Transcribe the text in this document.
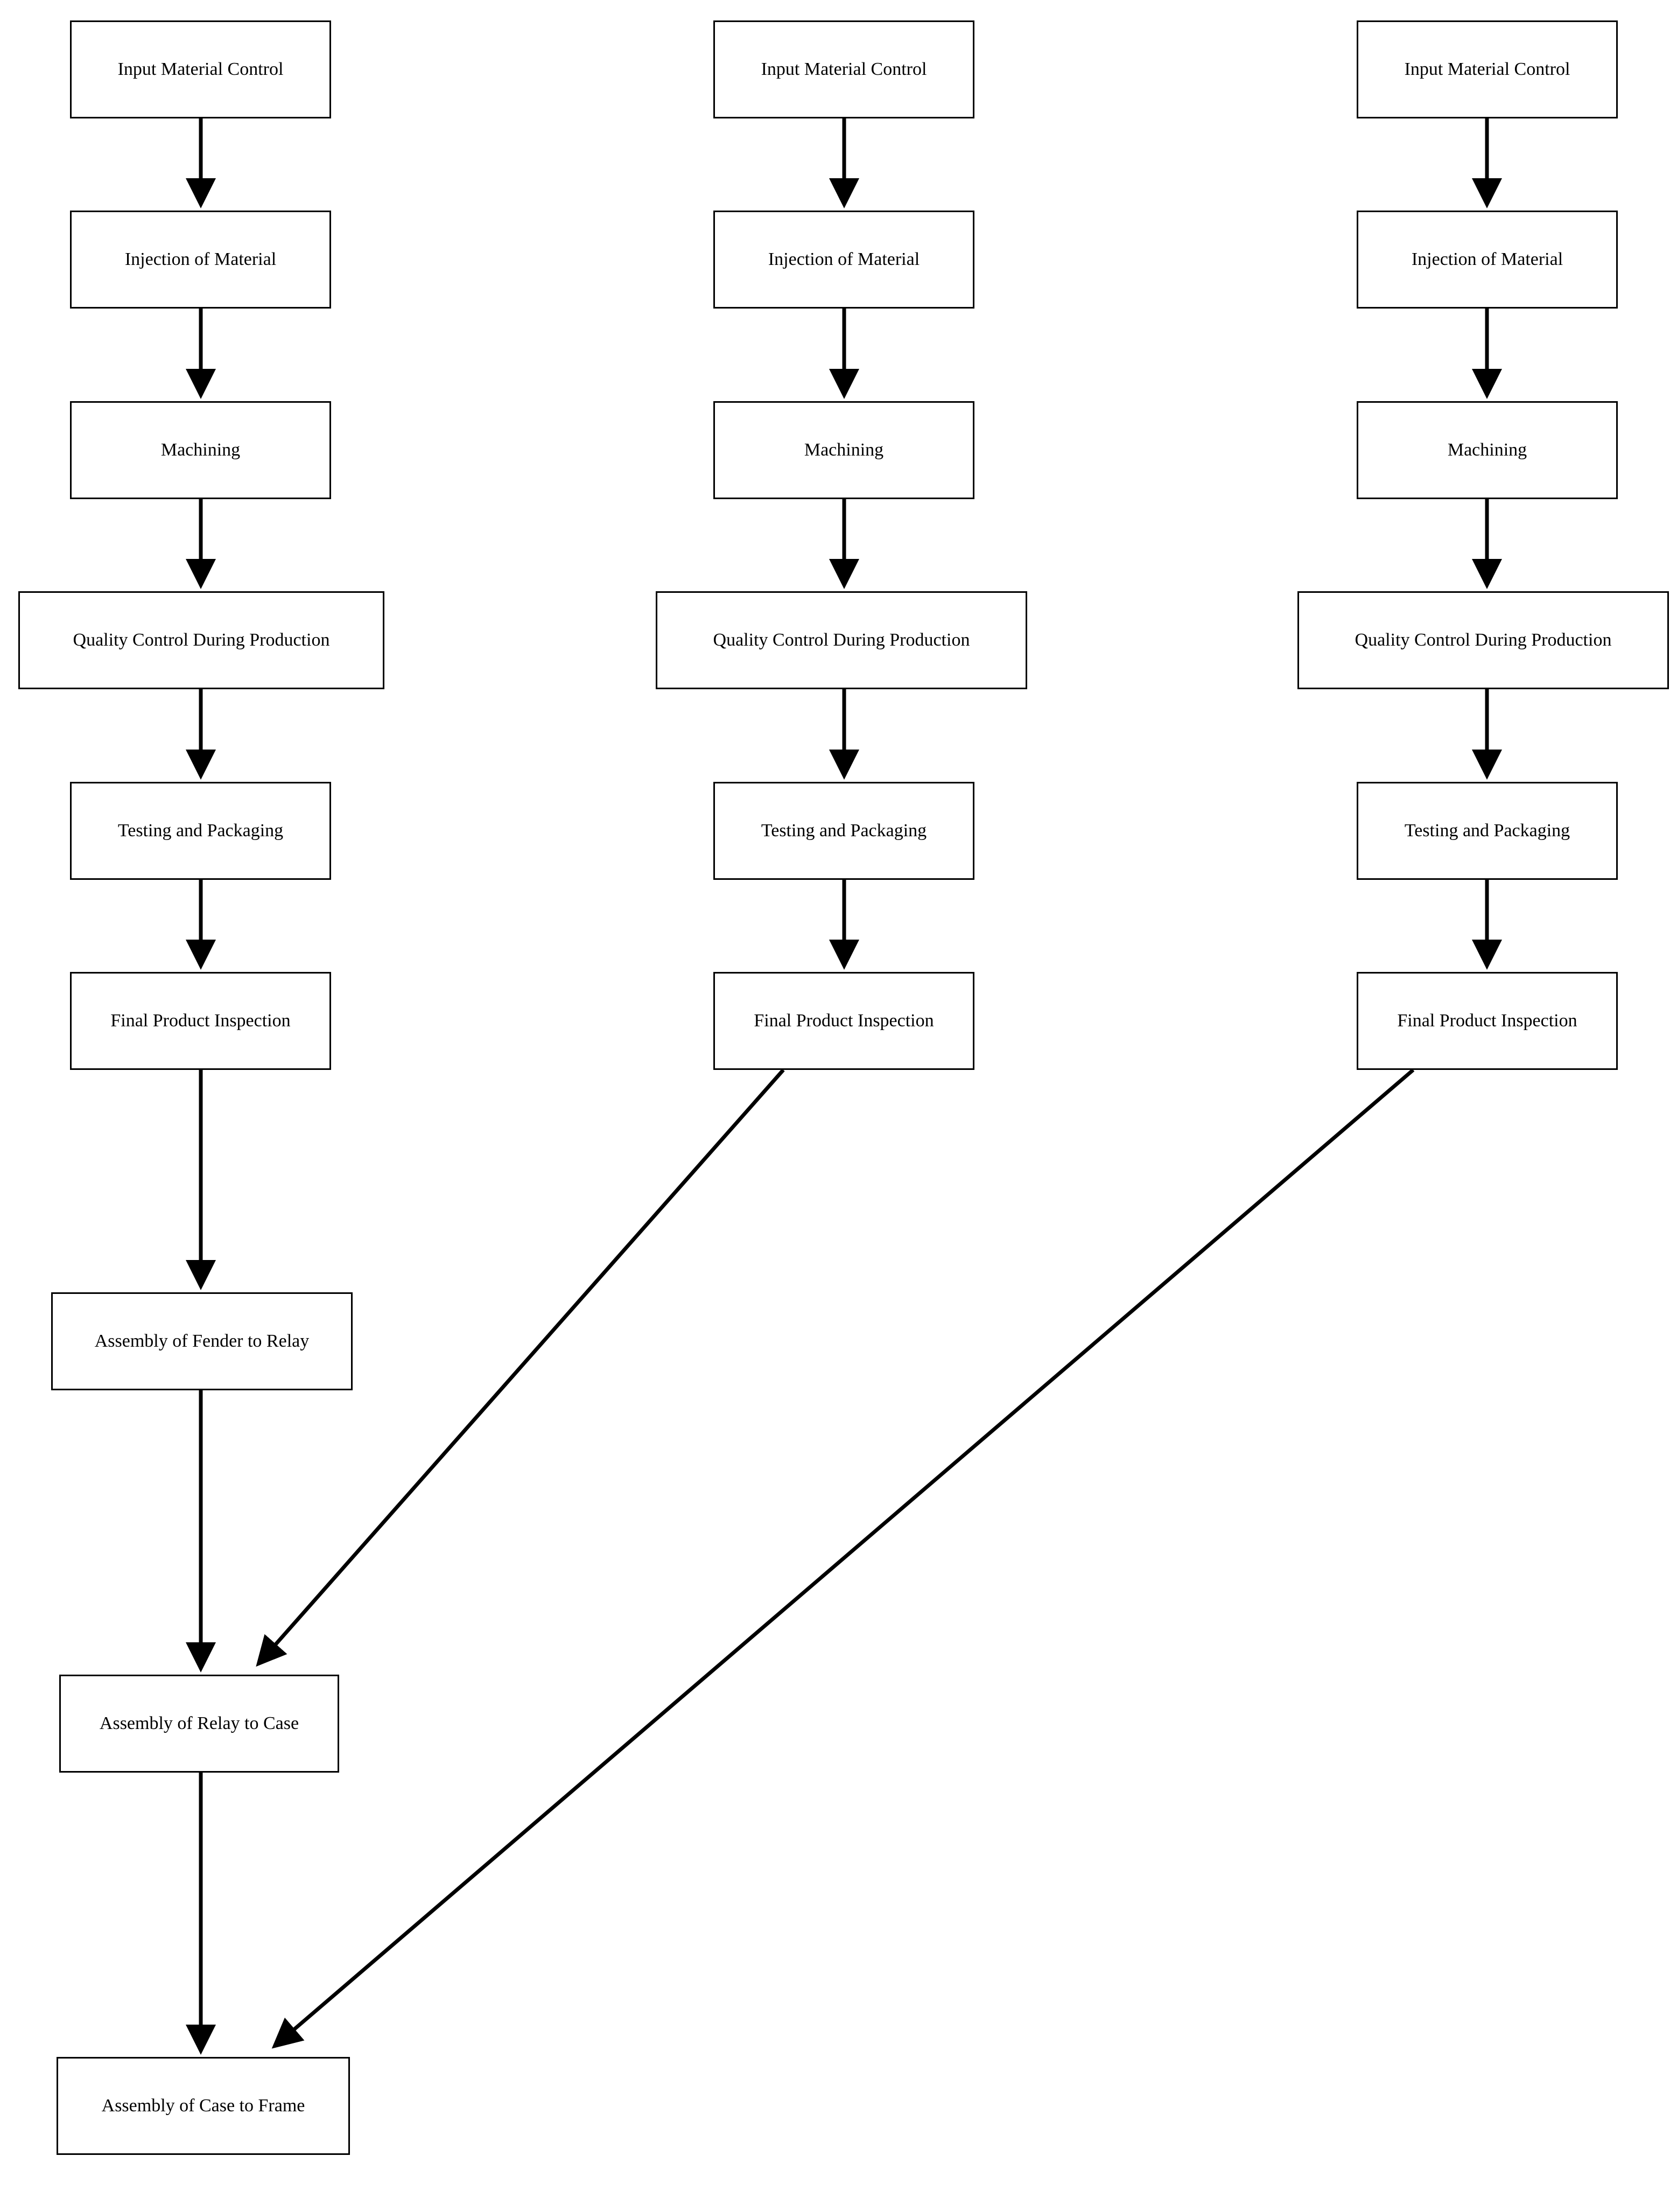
Input Material Control
Injection of Material
Machining
Quality Control During Production
Testing and Packaging
Final Product Inspection
Assembly of Fender to Relay
Assembly of Relay to Case
Assembly of Case to Frame
Input Material Control
Injection of Material
Machining
Quality Control During Production
Testing and Packaging
Final Product Inspection
Input Material Control
Injection of Material
Machining
Quality Control During Production
Testing and Packaging
Final Product Inspection
